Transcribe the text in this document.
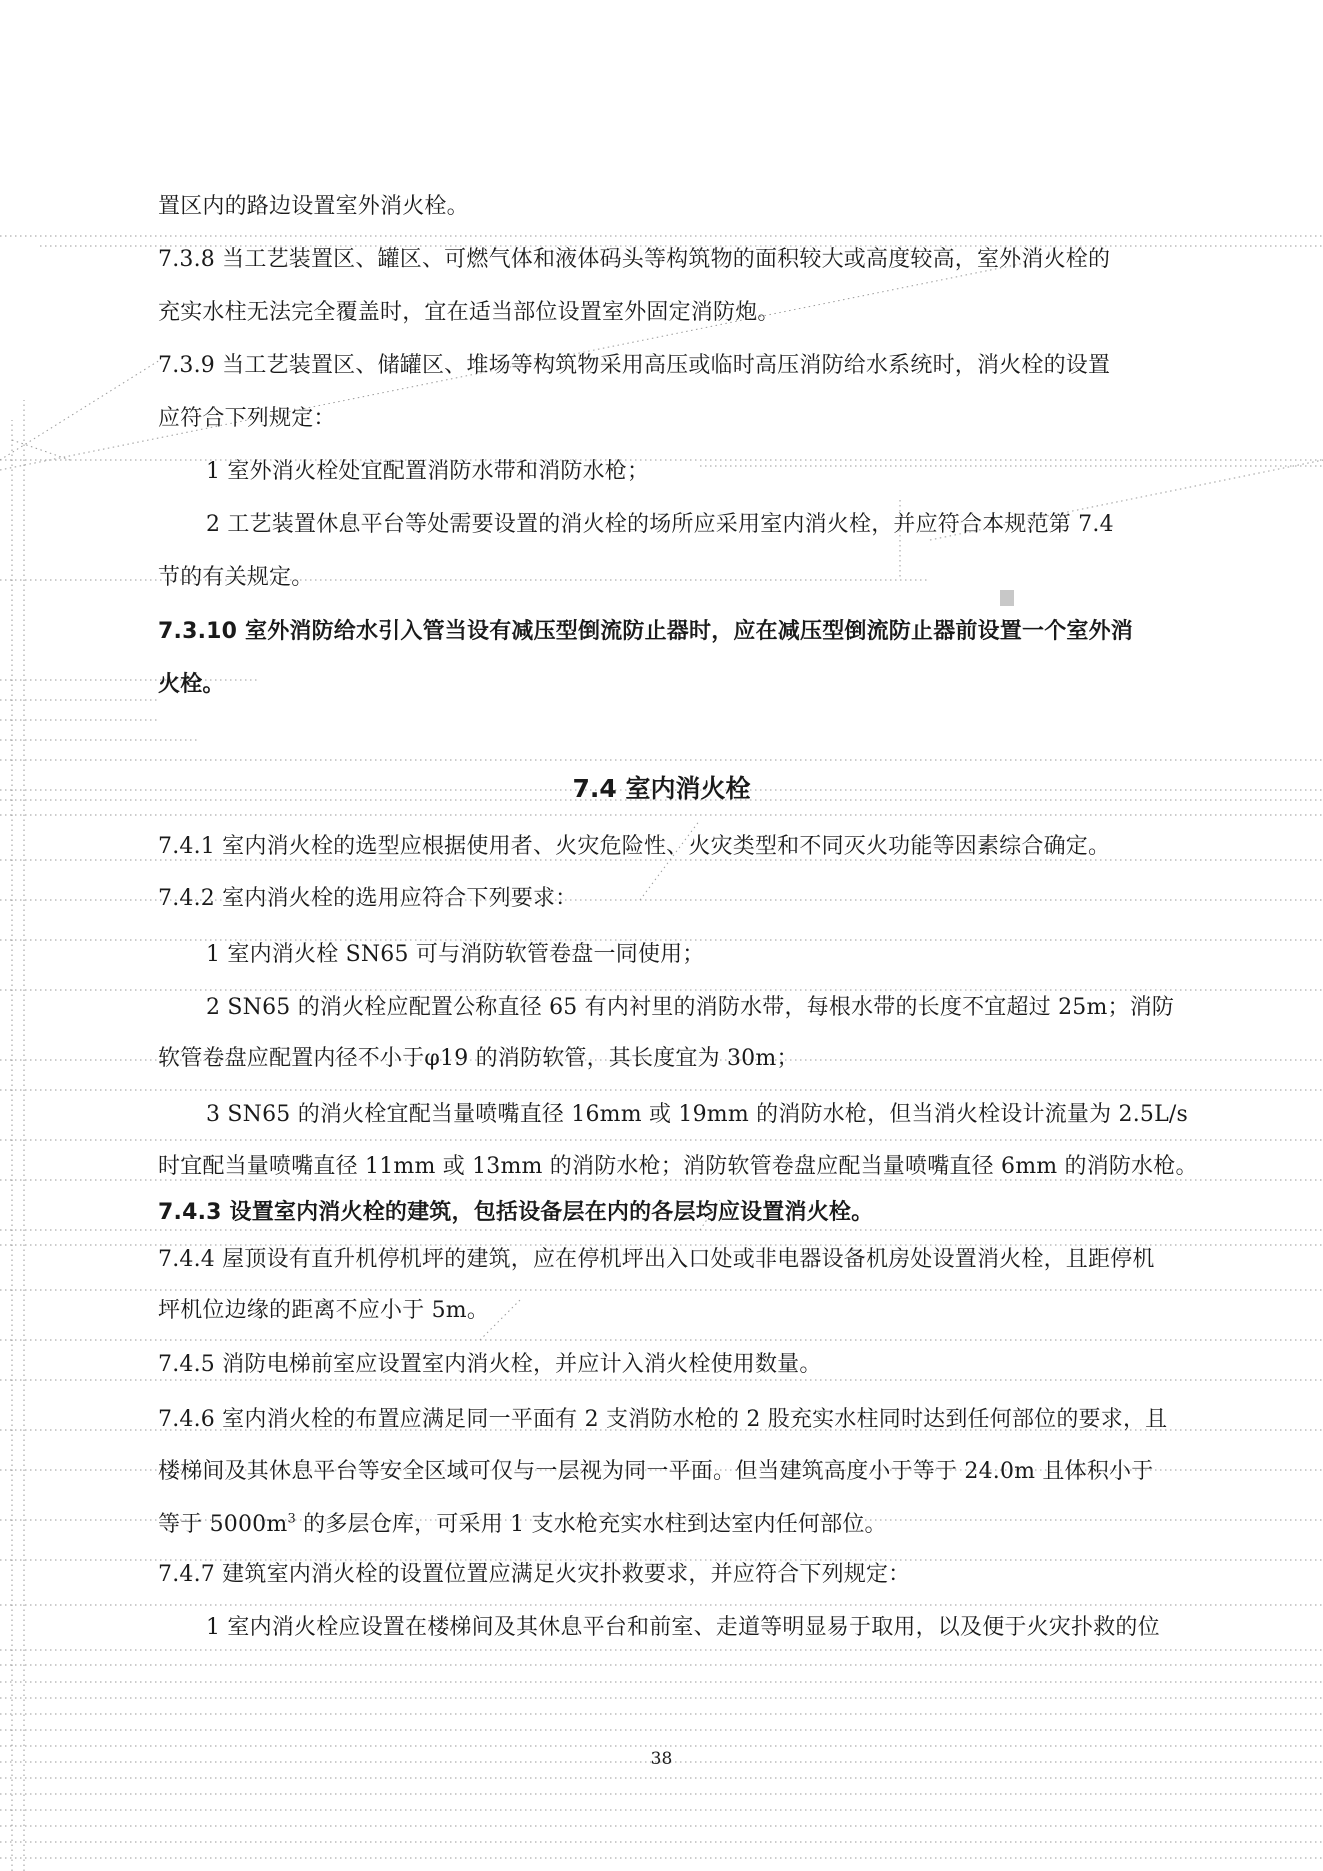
置区内的路边设置室外消火栓。
7.3.8 当工艺装置区、罐区、可燃气体和液体码头等构筑物的面积较大或高度较高，室外消火栓的
充实水柱无法完全覆盖时，宜在适当部位设置室外固定消防炮。
7.3.9 当工艺装置区、储罐区、堆场等构筑物采用高压或临时高压消防给水系统时，消火栓的设置
应符合下列规定：
1 室外消火栓处宜配置消防水带和消防水枪；
2 工艺装置休息平台等处需要设置的消火栓的场所应采用室内消火栓，并应符合本规范第 7.4
节的有关规定。
7.3.10 室外消防给水引入管当设有减压型倒流防止器时，应在减压型倒流防止器前设置一个室外消
火栓。
7.4 室内消火栓
7.4.1 室内消火栓的选型应根据使用者、火灾危险性、火灾类型和不同灭火功能等因素综合确定。
7.4.2 室内消火栓的选用应符合下列要求：
1 室内消火栓 SN65 可与消防软管卷盘一同使用；
2 SN65 的消火栓应配置公称直径 65 有内衬里的消防水带，每根水带的长度不宜超过 25m；消防
软管卷盘应配置内径不小于φ19 的消防软管，其长度宜为 30m；
3 SN65 的消火栓宜配当量喷嘴直径 16mm 或 19mm 的消防水枪，但当消火栓设计流量为 2.5L/s
时宜配当量喷嘴直径 11mm 或 13mm 的消防水枪；消防软管卷盘应配当量喷嘴直径 6mm 的消防水枪。
7.4.3 设置室内消火栓的建筑，包括设备层在内的各层均应设置消火栓。
7.4.4 屋顶设有直升机停机坪的建筑，应在停机坪出入口处或非电器设备机房处设置消火栓，且距停机
坪机位边缘的距离不应小于 5m。
7.4.5 消防电梯前室应设置室内消火栓，并应计入消火栓使用数量。
7.4.6 室内消火栓的布置应满足同一平面有 2 支消防水枪的 2 股充实水柱同时达到任何部位的要求，且
楼梯间及其休息平台等安全区域可仅与一层视为同一平面。但当建筑高度小于等于 24.0m 且体积小于
等于 $5000m^3$ 的多层仓库，可采用 1 支水枪充实水柱到达室内任何部位。
7.4.7 建筑室内消火栓的设置位置应满足火灾扑救要求，并应符合下列规定：
1 室内消火栓应设置在楼梯间及其休息平台和前室、走道等明显易于取用，以及便于火灾扑救的位
38
